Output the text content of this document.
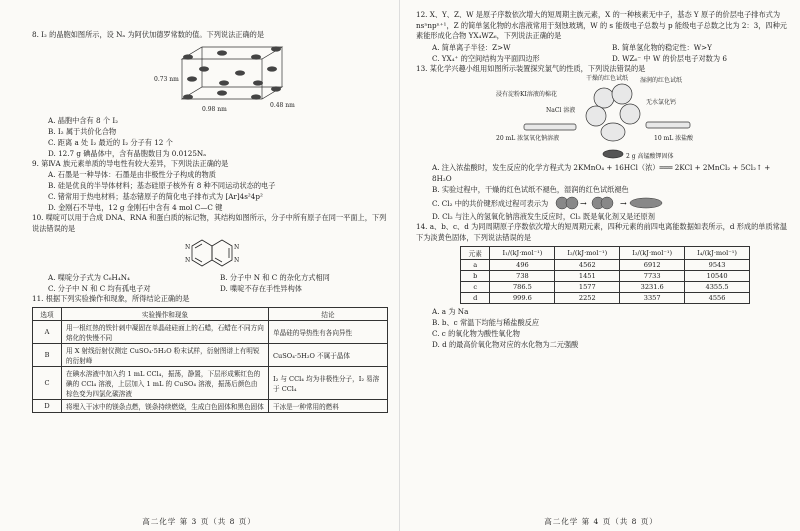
8. I₂ 的晶胞如图所示，设 Nₐ 为阿伏加德罗常数的值。下列说法正确的是

0.73 nm
0.98 nm
0.48 nm

A. 晶胞中含有 8 个 I₂

B. I₂ 属于共价化合物

C. 距离 a 处 I₂ 最近的 I₂ 分子有 12 个

D. 12.7 g 碘晶体中，含有晶胞数目为 0.0125Nₐ

9. 第ⅣA 族元素单质的导电性有较大差异，下列说法正确的是

A. 石墨是一种导体：石墨是由非极性分子构成的物质

B. 硅是优良的半导体材料；基态硅原子核外有 8 种不同运动状态的电子

C. 锗常用于热电材料；基态锗原子的简化电子排布式为 [Ar]4s²4p²

D. 金刚石不导电，12 g 金刚石中含有 4 mol C—C 键

10. 喋啶可以用于合成 DNA、RNA 和蛋白质的标记物，其结构如图所示，分子中所有原子在同一平面上，下列说法错误的是

N	N
N	N
A. 喋啶分子式为 C₆H₄N₄	B. 分子中 N 和 C 的杂化方式相同
C. 分子中 N 和 C 均有孤电子对	D. 喋啶不存在手性异构体

11. 根据下列实验操作和现象，所得结论正确的是

选项	实验操作和现象	结论
A	用一根红热的铁针刺中凝固在单晶硅硅面上的石蜡，石蜡在不同方向熔化的快慢不同	单晶硅的导热性有各向异性
B	用 X 射线衍射仪测定 CuSO₄·5H₂O 粉末试样，衍射图谱上有明锐的衍射峰	CuSO₄·5H₂O 不属于晶体
C	在碘水溶液中加入约 1 mL CCl₄，振荡，静置，下层形成紫红色的碘的 CCl₄ 溶液，上层加入 1 mL 的 CuSO₄ 溶液，振荡后颜色由棕色变为四氯化碳溶液	I₂ 与 CCl₄ 均为非极性分子，I₂ 易溶于 CCl₄
D	将埋入干冰中的镁条点燃，镁条持续燃烧，生成白色固体和黑色固体	干冰是一种常用的燃料
高二化学 第 3 页（共 8 页）

12. X、Y、Z、W 是原子序数依次增大的短周期主族元素，X 的一种核素无中子，基态 Y 原子的价层电子排布式为 nsⁿnpⁿ⁺¹，Z 的简单氢化物的水溶液常用于刻蚀玻璃，W 的 s 能级电子总数与 p 能级电子总数之比为 2：3，四种元素能形成化合物 YX₄WZ₆，下列说法正确的是

A. 简单离子半径：Z>W	B. 简单氢化物的稳定性：W>Y
C. YX₄⁺ 的空间结构为平面四边形	D. WZ₆⁻ 中 W 的价层电子对数为 6

13. 某化学兴趣小组用如图所示装置探究氯气的性质，下列说法错误的是

干燥的红色试纸 湿润的红色试纸
浸有淀粉KI溶液的棉花
无水氯化钙
NaCl 溶液
20 mL 浓氢氧化钠溶液	10 mL 浓盐酸
2 g 高锰酸钾固体

A. 注入浓盐酸时，发生反应的化学方程式为 2KMnO₄ + 16HCl（浓）═══ 2KCl + 2MnCl₂ + 5Cl₂↑ + 8H₂O

B. 实验过程中，干燥的红色试纸不褪色，湿润的红色试纸褪色

C. Cl₂ 中的共价键形成过程可表示为	→	→

D. Cl₂ 与注入的氢氧化钠溶液发生反应时，Cl₂ 既是氧化剂又是还原剂

14. a、b、c、d 为同周期原子序数依次增大的短周期元素，四种元素的前四电离能数据如表所示，d 形成的单质常温下为淡黄色固体，下列说法错误的是

元素	I₁/(kJ·mol⁻¹)	I₂/(kJ·mol⁻¹)	I₃/(kJ·mol⁻¹)	I₄/(kJ·mol⁻¹)
a	496	4562	6912	9543
b	738	1451	7733	10540
c	786.5	1577	3231.6	4355.5
d	999.6	2252	3357	4556

A. a 为 Na

B. b、c 常温下均能与稀盐酸反应

C. c 的氧化物为酸性氧化物

D. d 的最高价氧化物对应的水化物为二元强酸

高二化学 第 4 页（共 8 页）
